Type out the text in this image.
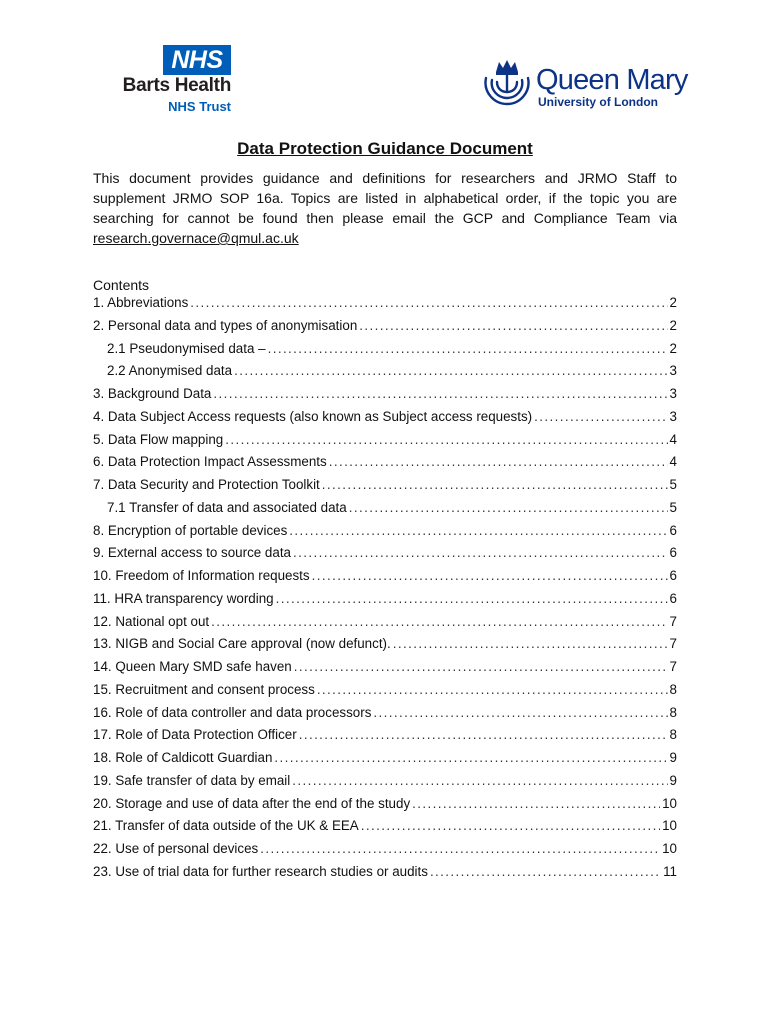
NHS
Barts Health
NHS Trust
Queen Mary
University of London
Data Protection Guidance Document
This document provides guidance and definitions for researchers and JRMO Staff to supplement JRMO SOP 16a. Topics are listed in alphabetical order, if the topic you are searching for cannot be found then please email the GCP and Compliance Team via research.governace@qmul.ac.uk
Contents
1. Abbreviations .....	2
2. Personal data and types of anonymisation .....	2
2.1 Pseudonymised data – .....	2
2.2 Anonymised data .....	3
3. Background Data .....	3
4. Data Subject Access requests (also known as Subject access requests) .....	3
5. Data Flow mapping .....	4
6. Data Protection Impact Assessments .....	4
7. Data Security and Protection Toolkit .....	5
7.1 Transfer of data and associated data .....	5
8. Encryption of portable devices .....	6
9. External access to source data .....	6
10. Freedom of Information requests .....	6
11. HRA transparency wording .....	6
12. National opt out .....	7
13. NIGB and Social Care approval (now defunct). .....	7
14. Queen Mary SMD safe haven .....	7
15. Recruitment and consent process .....	8
16. Role of data controller and data processors .....	8
17. Role of Data Protection Officer .....	8
18. Role of Caldicott Guardian .....	9
19. Safe transfer of data by email .....	9
20. Storage and use of data after the end of the study .....	10
21. Transfer of data outside of the UK & EEA .....	10
22. Use of personal devices .....	10
23. Use of trial data for further research studies or audits .....	11
